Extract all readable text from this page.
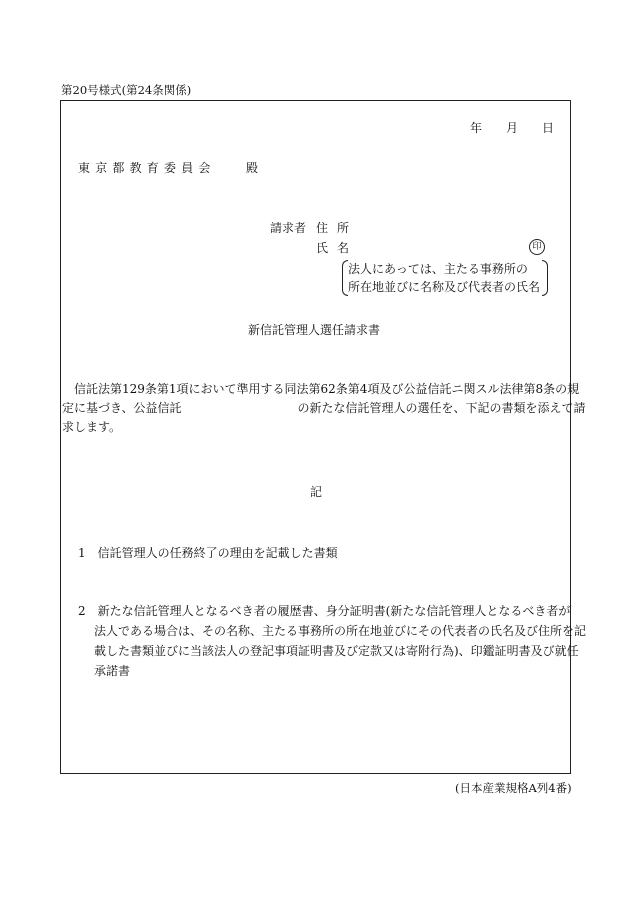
第20号様式(第24条関係)
年 月 日
東京都教育委員会	殿
請求者 住所
氏名	印
法人にあっては、主たる事務所の
所在地並びに名称及び代表者の氏名
新信託管理人選任請求書
信託法第129条第1項において準用する同法第62条第4項及び公益信託ニ関スル法律第8条の規
定に基づき、公益信託	の新たな信託管理人の選任を、下記の書類を添えて請
求します。
記
1 信託管理人の任務終了の理由を記載した書類
2 新たな信託管理人となるべき者の履歴書、身分証明書(新たな信託管理人となるべき者が
法人である場合は、その名称、主たる事務所の所在地並びにその代表者の氏名及び住所を記
載した書類並びに当該法人の登記事項証明書及び定款又は寄附行為)、印鑑証明書及び就任
承諾書
(日本産業規格A列4番)
